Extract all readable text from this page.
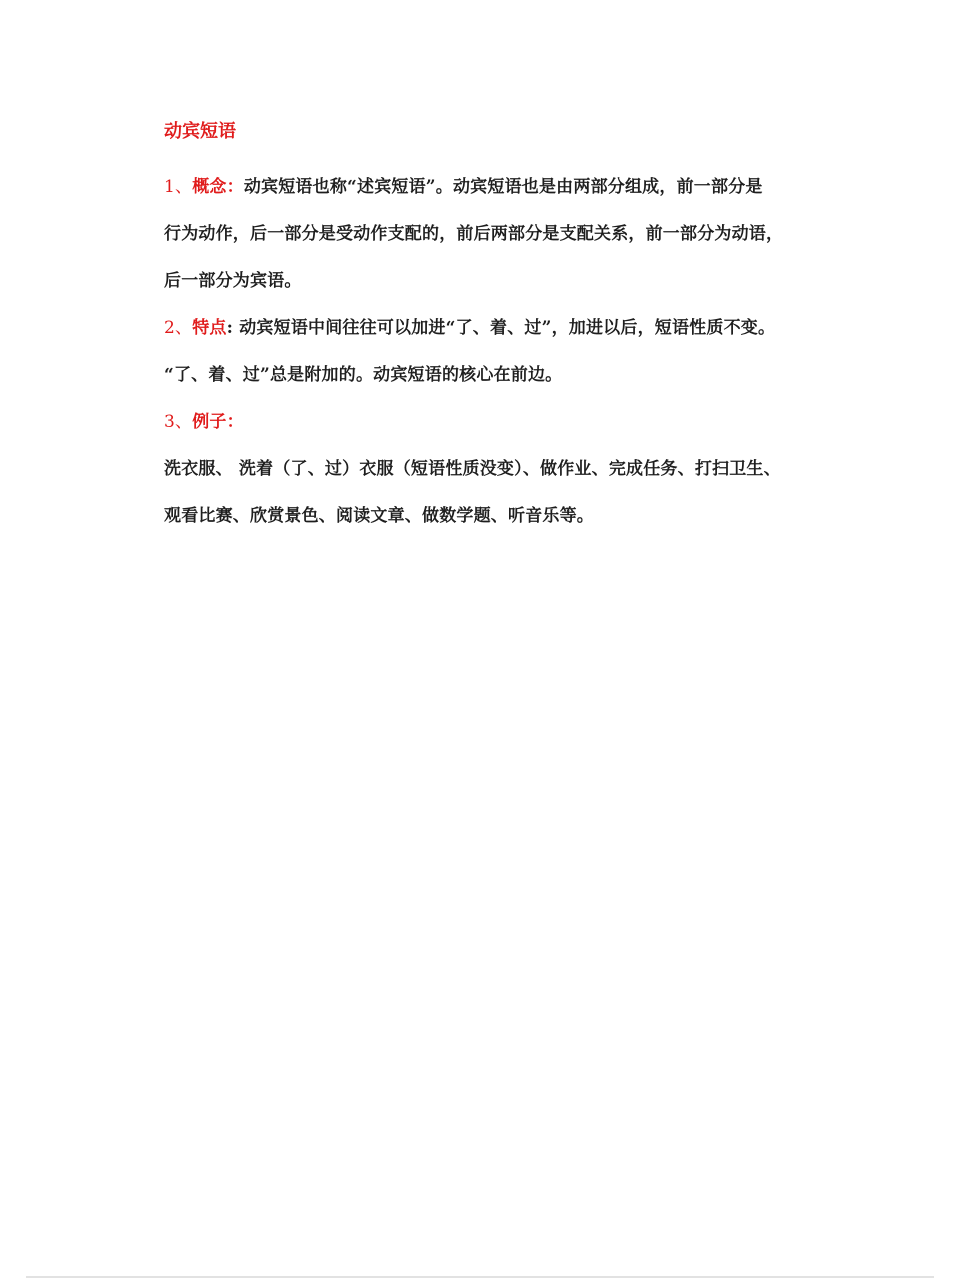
动宾短语

1、概念：动宾短语也称“述宾短语”。动宾短语也是由两部分组成，前一部分是

行为动作，后一部分是受动作支配的，前后两部分是支配关系，前一部分为动语，

后一部分为宾语。

2、特点: 动宾短语中间往往可以加进“了、着、过”，加进以后，短语性质不变。

“了、着、过”总是附加的。动宾短语的核心在前边。

3、例子：

洗衣服、 洗着（了、过）衣服（短语性质没变）、做作业、完成任务、打扫卫生、

观看比赛、欣赏景色、阅读文章、做数学题、听音乐等。
